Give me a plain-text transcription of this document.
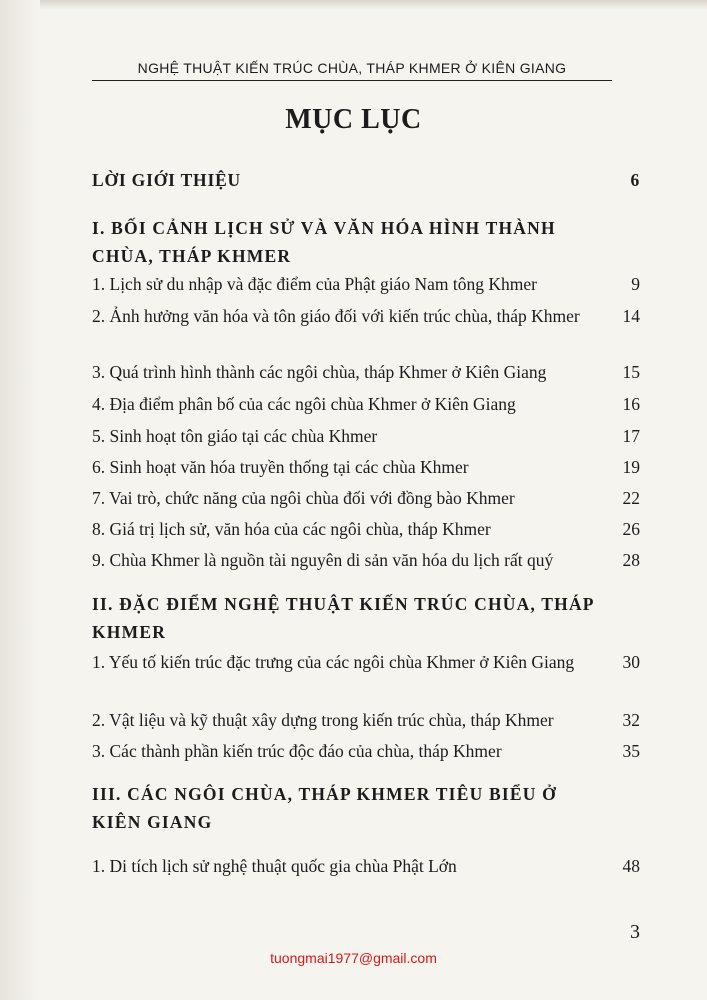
NGHỆ THUẬT KIẾN TRÚC CHÙA, THÁP KHMER Ở KIÊN GIANG
MỤC LỤC
LỜI GIỚI THIỆU	6
I. BỐI CẢNH LỊCH SỬ VÀ VĂN HÓA HÌNH THÀNH CHÙA, THÁP KHMER
1. Lịch sử du nhập và đặc điểm của Phật giáo Nam tông Khmer	9
2. Ảnh hưởng văn hóa và tôn giáo đối với kiến trúc chùa, tháp Khmer	14
3. Quá trình hình thành các ngôi chùa, tháp Khmer ở Kiên Giang	15
4. Địa điểm phân bố của các ngôi chùa Khmer ở Kiên Giang	16
5. Sinh hoạt tôn giáo tại các chùa Khmer	17
6. Sinh hoạt văn hóa truyền thống tại các chùa Khmer	19
7. Vai trò, chức năng của ngôi chùa đối với đồng bào Khmer	22
8. Giá trị lịch sử, văn hóa của các ngôi chùa, tháp Khmer	26
9. Chùa Khmer là nguồn tài nguyên di sản văn hóa du lịch rất quý	28
II. ĐẶC ĐIỂM NGHỆ THUẬT KIẾN TRÚC CHÙA, THÁP KHMER
1. Yếu tố kiến trúc đặc trưng của các ngôi chùa Khmer ở Kiên Giang	30
2. Vật liệu và kỹ thuật xây dựng trong kiến trúc chùa, tháp Khmer	32
3. Các thành phần kiến trúc độc đáo của chùa, tháp Khmer	35
III. CÁC NGÔI CHÙA, THÁP KHMER TIÊU BIỂU Ở KIÊN GIANG
1. Di tích lịch sử nghệ thuật quốc gia chùa Phật Lớn	48
3
tuongmai1977@gmail.com
